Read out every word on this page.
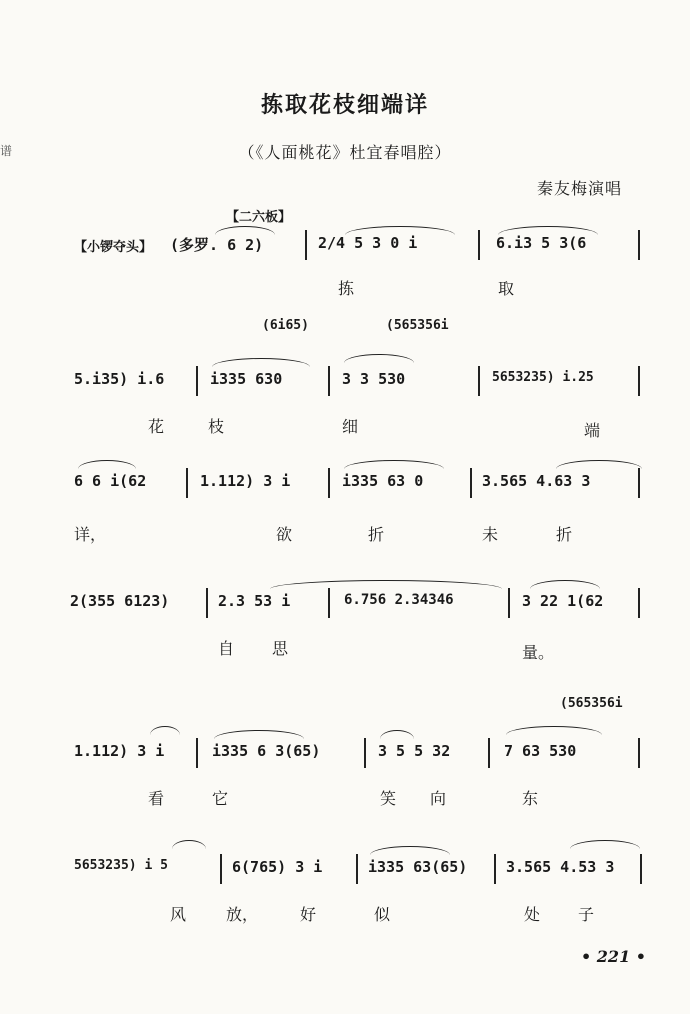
谱
拣取花枝细端详
（《人面桃花》杜宜春唱腔）
秦友梅演唱
【二六板】
【小锣夺头】 (多罗. 6 2)	2/4 5 3 0 i	6.i3 5 3(6
拣	取
(6i65)	(565356i
5.i35) i.6	i335 630	3 3 530	5653235) i.25
花	枝	细	端
6 6 i(62	1.112) 3 i	i335 63 0	3.565 4.63 3
详，	欲	折	未	折
2(355 6123)	2.3 53 i	6.756 2.34346	3 22 1(62
自 思	量。
(565356i
1.112) 3 i	i335 6 3(65)	3 5 5 32	7 63 530
看	它	笑 向	东
5653235) i 5	6(765) 3 i	i335 63(65)	3.565 4.53 3
风 放，	好	似	处 子
• 221 •
